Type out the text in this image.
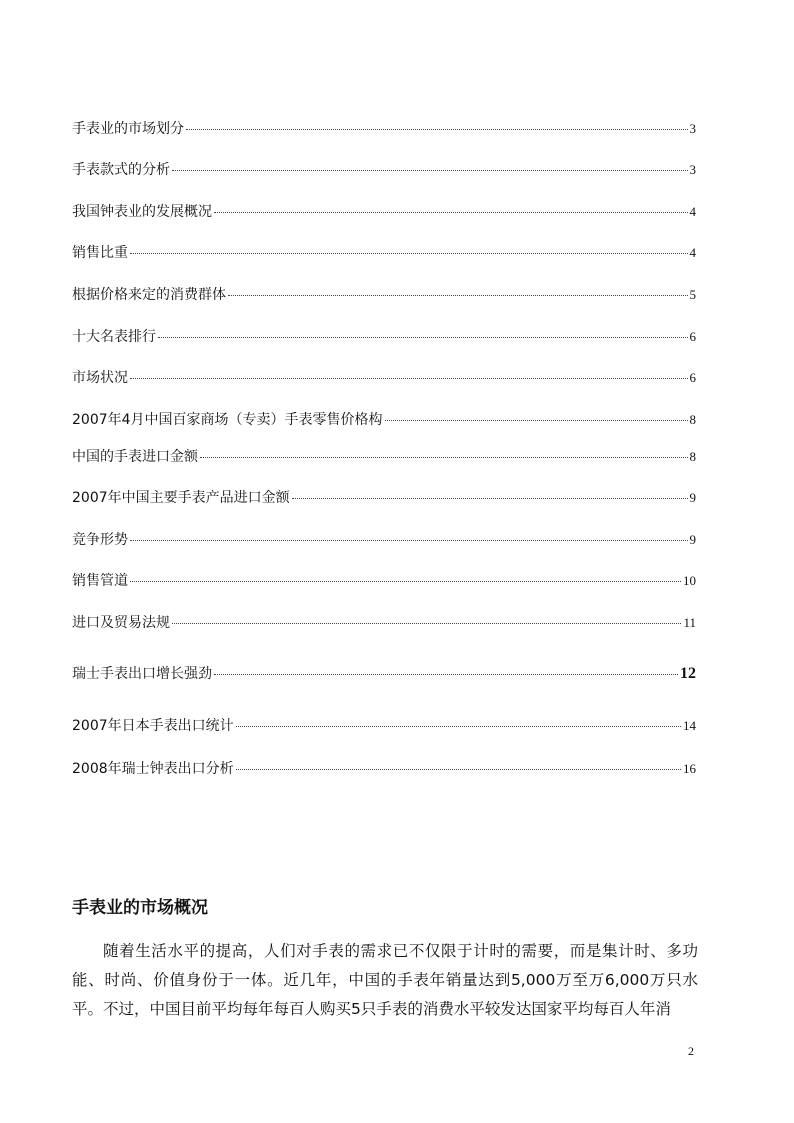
手表业的市场划分	3
手表款式的分析	3
我国钟表业的发展概况	4
销售比重	4
根据价格来定的消费群体	5
十大名表排行	6
市场状况	6
2007年4月中国百家商场（专卖）手表零售价格构	8
中国的手表进口金额	8
2007年中国主要手表产品进口金额	9
竞争形势	9
销售管道	10
进口及贸易法规	11
瑞士手表出口增长强劲	12
2007年日本手表出口统计	14
2008年瑞士钟表出口分析	16
手表业的市场概况

随着生活水平的提高，人们对手表的需求已不仅限于计时的需要，而是集计时、多功能、时尚、价值身份于一体。近几年，中国的手表年销量达到5,000万至万6,000万只水平。不过，中国目前平均每年每百人购买5只手表的消费水平较发达国家平均每百人年消

2
